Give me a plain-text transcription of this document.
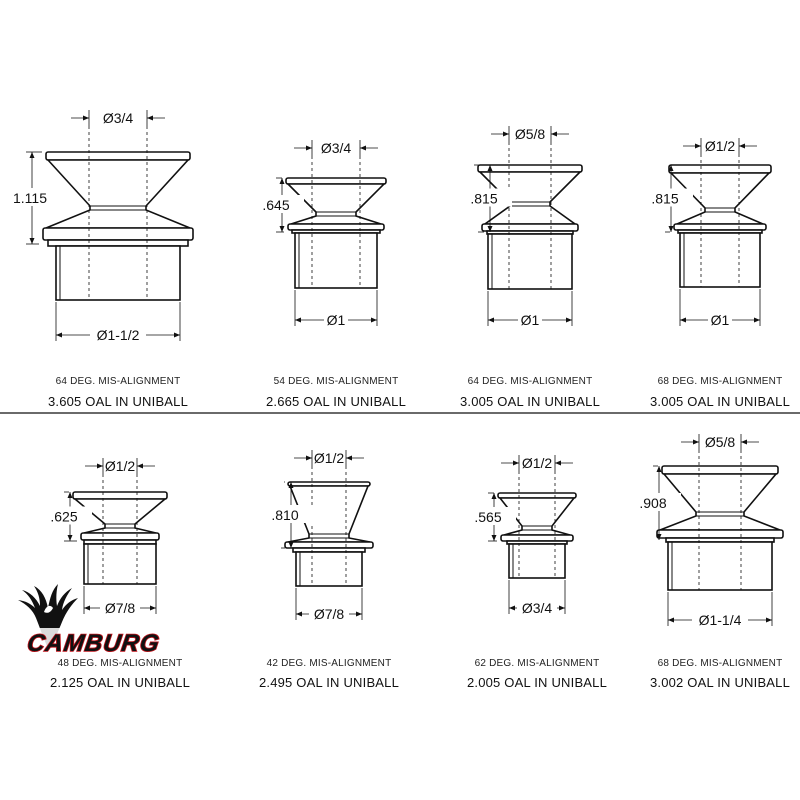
Ø3/4
1.115
Ø1-1/2
64 DEG. MIS-ALIGNMENT
3.605 OAL IN UNIBALL
Ø3/4
.645
Ø1
54 DEG. MIS-ALIGNMENT
2.665 OAL IN UNIBALL
Ø5/8
.815
Ø1
64 DEG. MIS-ALIGNMENT
3.005 OAL IN UNIBALL
Ø1/2
.815
Ø1
68 DEG. MIS-ALIGNMENT
3.005 OAL IN UNIBALL
Ø1/2
.625
Ø7/8
48 DEG. MIS-ALIGNMENT
2.125 OAL IN UNIBALL
Ø1/2
.810
Ø7/8
42 DEG. MIS-ALIGNMENT
2.495 OAL IN UNIBALL
Ø1/2
.565
Ø3/4
62 DEG. MIS-ALIGNMENT
2.005 OAL IN UNIBALL
Ø5/8
.908
Ø1-1/4
68 DEG. MIS-ALIGNMENT
3.002 OAL IN UNIBALL
CAMBURG
